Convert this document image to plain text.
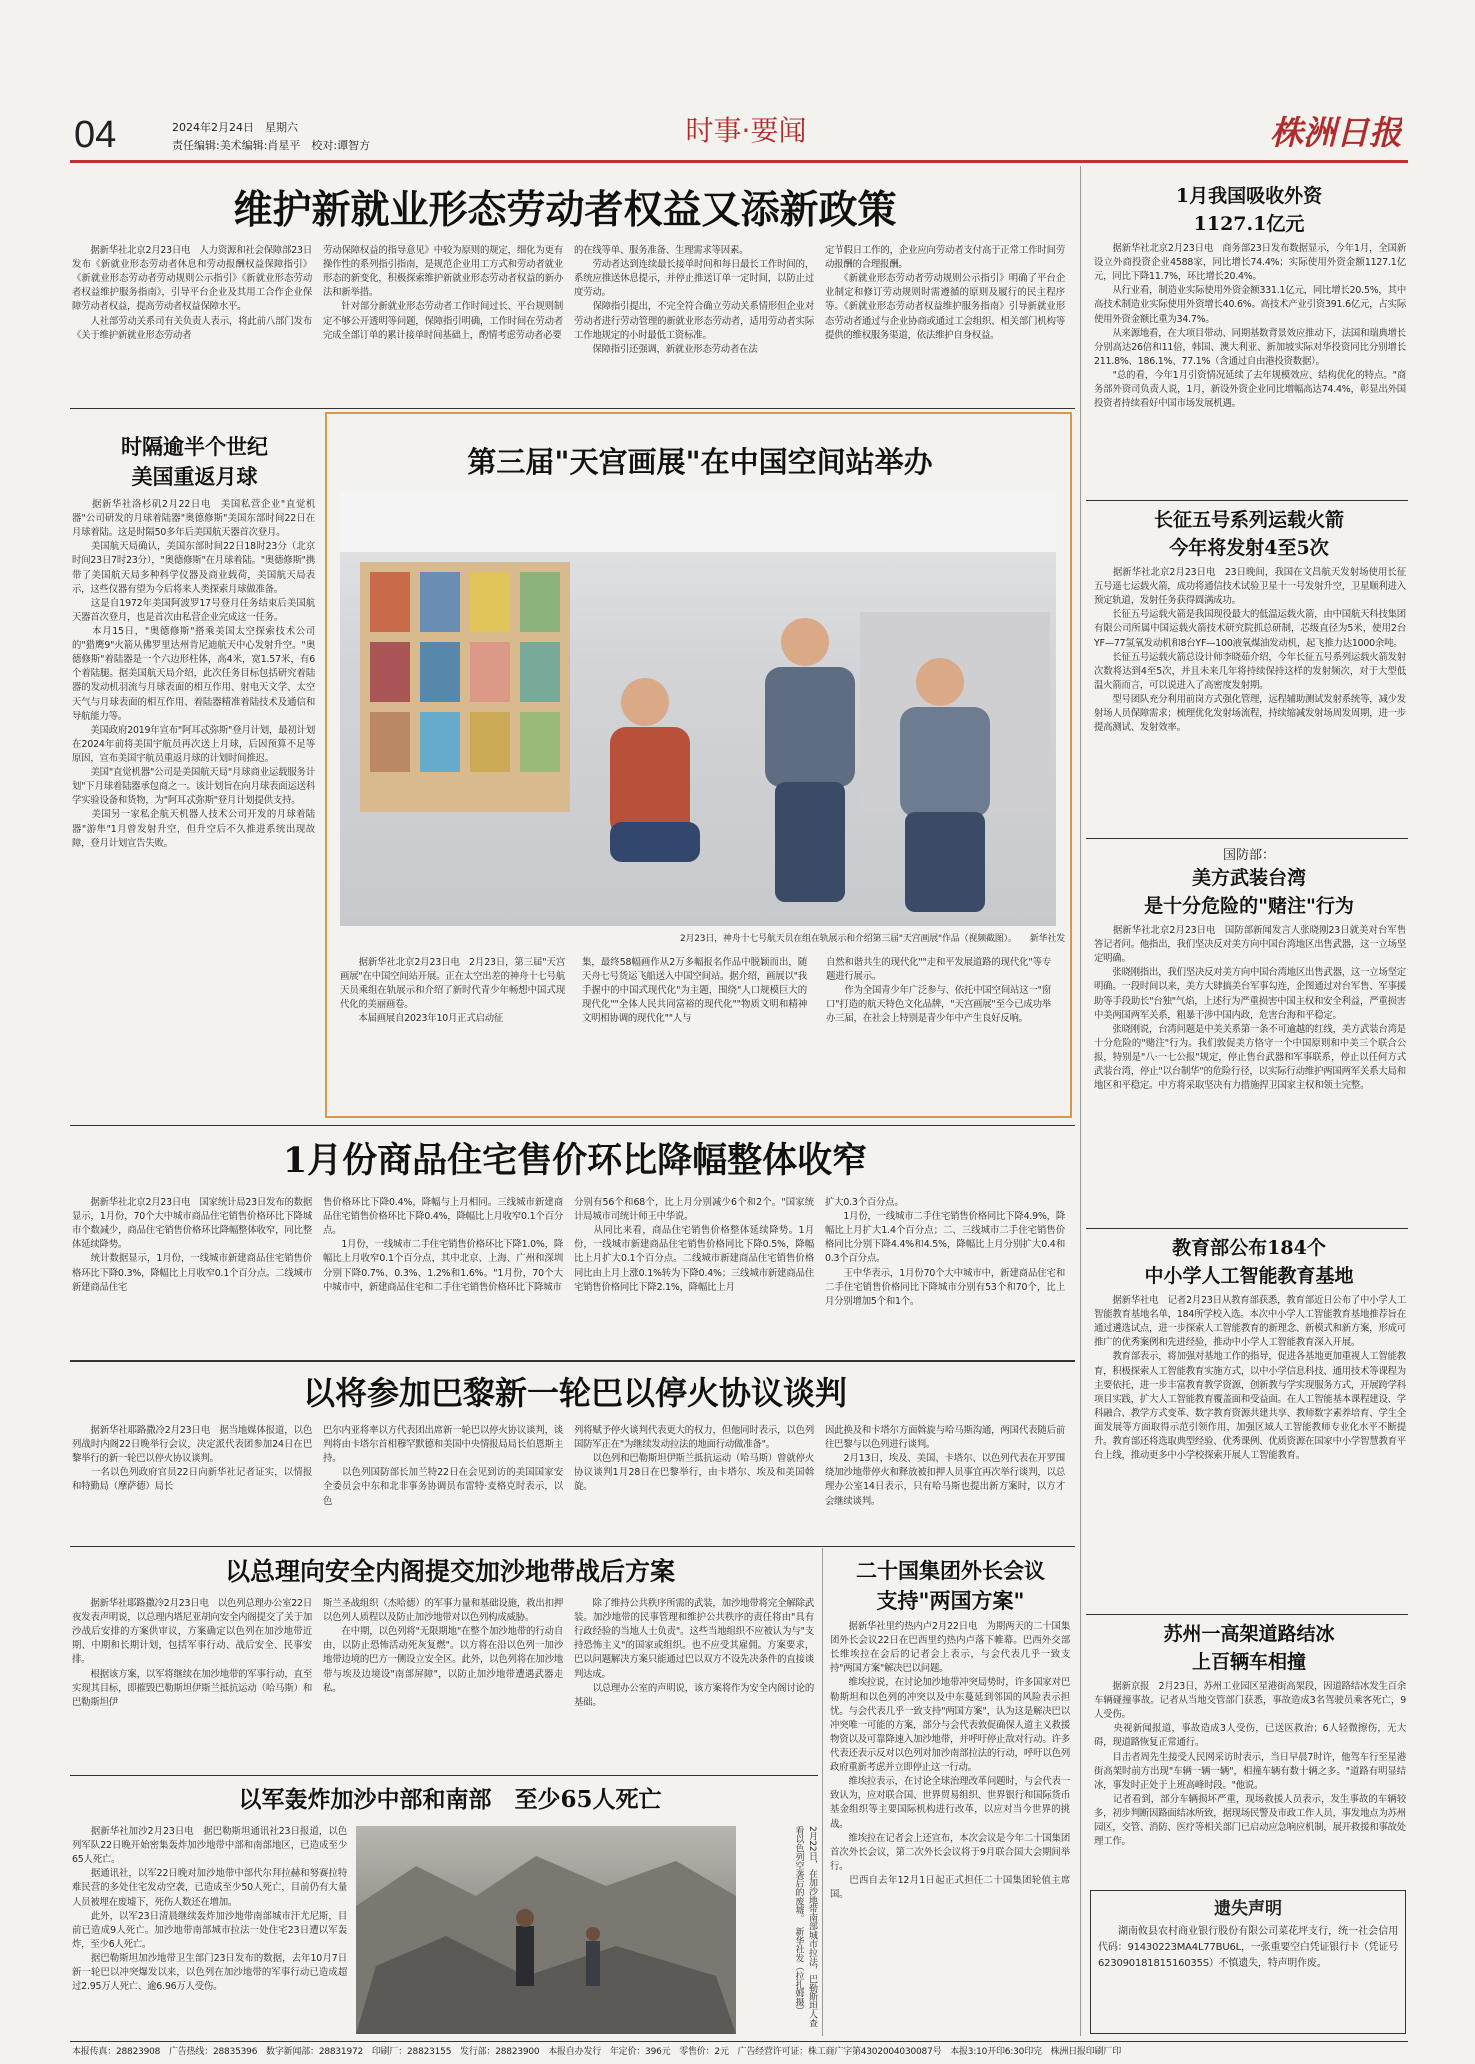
04	2024年2月24日　星期六
责任编辑:美术编辑:肖星平　校对:谭智方	时事·要闻	株洲日报
维护新就业形态劳动者权益又添新政策
　　据新华社北京2月23日电　人力资源和社会保障部23日发布《新就业形态劳动者休息和劳动报酬权益保障指引》《新就业形态劳动者劳动规则公示指引》《新就业形态劳动者权益维护服务指南》，引导平台企业及其用工合作企业保障劳动者权益，提高劳动者权益保障水平。
　　人社部劳动关系司有关负责人表示，将此前八部门发布《关于维护新就业形态劳动者
劳动保障权益的指导意见》中较为原则的规定，细化为更有操作性的系列指引指南，是规范企业用工方式和劳动者就业形态的新变化，积极探索维护新就业形态劳动者权益的新办法和新举措。
　　针对部分新就业形态劳动者工作时间过长、平台规则制定不够公开透明等问题，保障指引明确，工作时间在劳动者完成全部订单的累计接单时间基础上，酌情考虑劳动者必要
的在线等单、服务准备、生理需求等因素。
　　劳动者达到连续最长接单时间和每日最长工作时间的，系统应推送休息提示，并停止推送订单一定时间，以防止过度劳动。
　　保障指引提出，不完全符合确立劳动关系情形但企业对劳动者进行劳动管理的新就业形态劳动者，适用劳动者实际工作地规定的小时最低工资标准。
　　保障指引还强调，新就业形态劳动者在法
定节假日工作的，企业应向劳动者支付高于正常工作时间劳动报酬的合理报酬。
　　《新就业形态劳动者劳动规则公示指引》明确了平台企业制定和修订劳动规则时需遵循的原则及履行的民主程序等。《新就业形态劳动者权益维护服务指南》引导新就业形态劳动者通过与企业协商或通过工会组织、相关部门机构等提供的维权服务渠道，依法维护自身权益。
时隔逾半个世纪
美国重返月球
　　据新华社洛杉矶2月22日电　美国私营企业"直觉机器"公司研发的月球着陆器"奥德修斯"美国东部时间22日在月球着陆。这是时隔50多年后美国航天器首次登月。
　　美国航天局确认，美国东部时间22日18时23分（北京时间23日7时23分），"奥德修斯"在月球着陆。"奥德修斯"携带了美国航天局多种科学仪器及商业载荷，美国航天局表示，这些仪器有望为今后将来人类探索月球做准备。
　　这是自1972年美国阿波罗17号登月任务结束后美国航天器首次登月，也是首次由私营企业完成这一任务。
　　本月15日，"奥德修斯"搭乘美国太空探索技术公司的"猎鹰9"火箭从佛罗里达州肯尼迪航天中心发射升空。"奥德修斯"着陆器是一个六边形柱体，高4米，宽1.57米，有6个着陆腿。据美国航天局介绍，此次任务目标包括研究着陆器的发动机羽流与月球表面的相互作用、射电天文学、太空天气与月球表面的相互作用、着陆器精准着陆技术及通信和导航能力等。
　　美国政府2019年宣布"阿耳忒弥斯"登月计划，最初计划在2024年前将美国宇航员再次送上月球，后因预算不足等原因，宣布美国宇航员重返月球的计划时间推迟。
　　美国"直觉机器"公司是美国航天局"月球商业运载服务计划"下月球着陆器承包商之一。该计划旨在向月球表面运送科学实验设备和货物，为"阿耳忒弥斯"登月计划提供支持。
　　美国另一家私企航天机器人技术公司开发的月球着陆器"游隼"1月曾发射升空，但升空后不久推进系统出现故障，登月计划宣告失败。
第三届"天宫画展"在中国空间站举办
2月23日，神舟十七号航天员在组在轨展示和介绍第三届"天宫画展"作品（视频截图）。　　新华社发
　　据新华社北京2月23日电　2月23日，第三届"天宫画展"在中国空间站开展。正在太空出差的神舟十七号航天员乘组在轨展示和介绍了新时代青少年畅想中国式现代化的美丽画卷。
　　本届画展自2023年10月正式启动征
集，最终58幅画作从2万多幅报名作品中脱颖而出，随天舟七号货运飞船送入中国空间站。据介绍，画展以"我手握中的中国式现代化"为主题，围绕"人口规模巨大的现代化""全体人民共同富裕的现代化""物质文明和精神文明相协调的现代化""人与
自然和谐共生的现代化""走和平发展道路的现代化"等专题进行展示。
　　作为全国青少年广泛参与、依托中国空间站这一"窗口"打造的航天特色文化品牌，"天宫画展"至今已成功举办三届，在社会上特别是青少年中产生良好反响。
1月份商品住宅售价环比降幅整体收窄
　　据新华社北京2月23日电　国家统计局23日发布的数据显示，1月份，70个大中城市商品住宅销售价格环比下降城市个数减少，商品住宅销售价格环比降幅整体收窄，同比整体延续降势。
　　统计数据显示，1月份，一线城市新建商品住宅销售价格环比下降0.3%，降幅比上月收窄0.1个百分点。二线城市新建商品住宅
售价格环比下降0.4%，降幅与上月相同。三线城市新建商品住宅销售价格环比下降0.4%，降幅比上月收窄0.1个百分点。
　　1月份，一线城市二手住宅销售价格环比下降1.0%，降幅比上月收窄0.1个百分点，其中北京、上海、广州和深圳分别下降0.7%、0.3%、1.2%和1.6%。"1月份，70个大中城市中，新建商品住宅和二手住宅销售价格环比下降城市
分别有56个和68个，比上月分别减少6个和2个。"国家统计局城市司统计师王中华说。
　　从同比来看，商品住宅销售价格整体延续降势。1月份，一线城市新建商品住宅销售价格同比下降0.5%，降幅比上月扩大0.1个百分点。二线城市新建商品住宅销售价格同比由上月上涨0.1%转为下降0.4%；三线城市新建商品住宅销售价格同比下降2.1%，降幅比上月
扩大0.3个百分点。
　　1月份，一线城市二手住宅销售价格同比下降4.9%，降幅比上月扩大1.4个百分点；二、三线城市二手住宅销售价格同比分别下降4.4%和4.5%，降幅比上月分别扩大0.4和0.3个百分点。
　　王中华表示，1月份70个大中城市中，新建商品住宅和二手住宅销售价格同比下降城市分别有53个和70个，比上月分别增加5个和1个。
以将参加巴黎新一轮巴以停火协议谈判
　　据新华社耶路撒冷2月23日电　据当地媒体报道，以色列战时内阁22日晚举行会议，决定派代表团参加24日在巴黎举行的新一轮巴以停火协议谈判。
　　一名以色列政府官员22日向新华社记者证实，以情报和特勤局（摩萨德）局长
巴尔内亚将率以方代表团出席新一轮巴以停火协议谈判，谈判将由卡塔尔首相穆罕默德和美国中央情报局局长伯恩斯主持。
　　以色列国防部长加兰特22日在会见到访的美国国家安全委员会中东和北非事务协调员布雷特·麦格克时表示，以色
列将赋予停火谈判代表更大的权力，但他同时表示，以色列国防军正在"为继续发动拉法的地面行动做准备"。
　　以色列和巴勒斯坦伊斯兰抵抗运动（哈马斯）曾就停火协议谈判1月28日在巴黎举行，由卡塔尔、埃及和美国斡旋。
因此换及和卡塔尔方面斡旋与哈马斯沟通，两国代表随后前往巴黎与以色列进行谈判。
　　2月13日，埃及、美国、卡塔尔、以色列代表在开罗围绕加沙地带停火和释放被扣押人员事宜再次举行谈判，以总理办公室14日表示，只有哈马斯也提出新方案时，以方才会继续谈判。
以总理向安全内阁提交加沙地带战后方案
　　据新华社耶路撒冷2月23日电　以色列总理办公室22日夜发表声明说，以总理内塔尼亚胡向安全内阁提交了关于加沙战后安排的方案供审议，方案确定以色列在加沙地带近期、中期和长期计划，包括军事行动、战后安全、民事安排。
　　根据该方案，以军将继续在加沙地带的军事行动，直至实现其目标，即摧毁巴勒斯坦伊斯兰抵抗运动（哈马斯）和巴勒斯坦伊
斯兰圣战组织（杰哈德）的军事力量和基础设施，救出扣押以色列人质程以及防止加沙地带对以色列构成威胁。
　　在中期，以色列将"无限期地"在整个加沙地带的行动自由，以防止恐怖活动死灰复燃"。以方将在沿以色列一加沙地带边境的巴方一侧设立安全区。此外，以色列将在加沙地带与埃及边境设"南部屏障"，以防止加沙地带遭遇武器走私。
　　除了维持公共秩序所需的武装，加沙地带将完全解除武装。加沙地带的民事管理和维护公共秩序的责任将由"具有行政经验的当地人士负责"。这些当地组织不应被认为与"支持恐怖主义"的国家或组织。也不应受其雇佣。方案要求，巴以问题解决方案只能通过巴以双方不设先决条件的直接谈判达成。
　　以总理办公室的声明说，该方案将作为安全内阁讨论的基础。
以军轰炸加沙中部和南部　至少65人死亡
　　据新华社加沙2月23日电　据巴勒斯坦通讯社23日报道，以色列军队22日晚开始密集轰炸加沙地带中部和南部地区，已造成至少65人死亡。
　　据通讯社，以军22日晚对加沙地带中部代尔拜拉赫和努赛拉特难民营的多处住宅发动空袭，已造成至少50人死亡，目前仍有大量人员被埋在废墟下，死伤人数还在增加。
　　此外，以军23日清晨继续轰炸加沙地带南部城市汗尤尼斯，目前已造成9人死亡。加沙地带南部城市拉法一处住宅23日遭以军轰炸，至少6人死亡。
　　据巴勒斯坦加沙地带卫生部门23日发布的数据，去年10月7日新一轮巴以冲突爆发以来，以色列在加沙地带的军事行动已造成超过2.95万人死亡、逾6.96万人受伤。	2月22日，在加沙地带南部城市拉法，巴勒斯坦人查看以色列空袭后的废墟。　新华社发（拉扎姆摄）
二十国集团外长会议
支持"两国方案"
　　据新华社里约热内卢2月22日电　为期两天的二十国集团外长会议22日在巴西里约热内卢落下帷幕。巴西外交部长维埃拉在会后的记者会上表示，与会代表几乎一致支持"两国方案"解决巴以问题。
　　维埃拉说，在讨论加沙地带冲突局势时，许多国家对巴勒斯坦和以色列的冲突以及中东蔓延到邻国的风险表示担忧。与会代表几乎一致支持"两国方案"，认为这是解决巴以冲突唯一可能的方案，部分与会代表敦促确保人道主义救援物资以及可靠降速入加沙地带，并呼吁停止敌对行动。许多代表还表示反对以色列对加沙南部拉法的行动，呼吁以色列政府重新考虑并立即停止这一行动。
　　维埃拉表示，在讨论全球治理改革问题时，与会代表一致认为，应对联合国、世界贸易组织、世界银行和国际货币基金组织等主要国际机构进行改革，以应对当今世界的挑战。
　　维埃拉在记者会上还宣布，本次会议是今年二十国集团首次外长会议，第二次外长会议将于9月联合国大会期间举行。
　　巴西自去年12月1日起正式担任二十国集团轮值主席国。
1月我国吸收外资
1127.1亿元
　　据新华社北京2月23日电　商务部23日发布数据显示，今年1月，全国新设立外商投资企业4588家，同比增长74.4%；实际使用外资金额1127.1亿元，同比下降11.7%，环比增长20.4%。
　　从行业看，制造业实际使用外资金额331.1亿元，同比增长20.5%，其中高技术制造业实际使用外资增长40.6%。高技术产业引资391.6亿元，占实际使用外资金额比重为34.7%。
　　从来源地看，在大项目带动、同期基数背景效应推动下，法国和瑞典增长分别高达26倍和11倍，韩国、澳大利亚、新加坡实际对华投资同比分别增长211.8%、186.1%、77.1%（含通过自由港投资数据）。
　　"总的看，今年1月引资情况延续了去年规模效应、结构优化的特点。"商务部外资司负责人说，1月，新设外资企业同比增幅高达74.4%，彰显出外国投资者持续看好中国市场发展机遇。
长征五号系列运载火箭
今年将发射4至5次
　　据新华社北京2月23日电　23日晚间，我国在文昌航天发射场使用长征五号遥七运载火箭，成功将通信技术试验卫星十一号发射升空，卫星顺利进入预定轨道，发射任务获得圆满成功。
　　长征五号运载火箭是我国现役最大的低温运载火箭，由中国航天科技集团有限公司所属中国运载火箭技术研究院抓总研制，芯级直径为5米，使用2台YF—77氢氧发动机和8台YF—100液氧煤油发动机，起飞推力达1000余吨。
　　长征五号运载火箭总设计师李晓茹介绍，今年长征五号系列运载火箭发射次数将达到4至5次，并且未来几年将持续保持这样的发射频次，对于大型低温火箭而言，可以说进入了高密度发射期。
　　型号团队充分利用前岗方式强化管理，远程辅助测试发射系统等，减少发射场人员保障需求；梳理优化发射场流程，持续缩减发射场周发周期，进一步提高测试、发射效率。
国防部：
美方武装台湾
是十分危险的"赌注"行为
　　据新华社北京2月23日电　国防部新闻发言人张晓刚23日就美对台军售答记者问。他指出，我们坚决反对美方向中国台湾地区出售武器，这一立场坚定明确。
　　张晓刚指出，我们坚决反对美方向中国台湾地区出售武器，这一立场坚定明确。一段时间以来，美方大肆搞美台军事勾连，企图通过对台军售、军事援助等手段助长"台独"气焰，上述行为严重损害中国主权和安全利益，严重损害中美两国两军关系，粗暴干涉中国内政，危害台海和平稳定。
　　张晓刚说，台湾问题是中美关系第一条不可逾越的红线，美方武装台湾是十分危险的"赌注"行为。我们敦促美方恪守一个中国原则和中美三个联合公报，特别是"八·一七公报"规定，停止售台武器和军事联系，停止以任何方式武装台湾，停止"以台制华"的危险行径，以实际行动维护两国两军关系大局和地区和平稳定。中方将采取坚决有力措施捍卫国家主权和领土完整。
教育部公布184个
中小学人工智能教育基地
　　据新华社电　记者2月23日从教育部获悉，教育部近日公布了中小学人工智能教育基地名单，184所学校入选。本次中小学人工智能教育基地推荐旨在通过遴选试点，进一步探索人工智能教育的新理念、新模式和新方案，形成可推广的优秀案例和先进经验，推动中小学人工智能教育深入开展。
　　教育部表示，将加强对基地工作的指导，促进各基地更加重视人工智能教育，积极探索人工智能教育实施方式，以中小学信息科技、通用技术等课程为主要依托，进一步丰富教育教学资源，创新教与学实现服务方式，开展跨学科项目实践，扩大人工智能教育覆盖面和受益面。在人工智能基本课程建设、学科融合、教学方式变革、数字教育资源共建共享、教师数字素养培育、学生全面发展等方面取得示范引领作用，加强区域人工智能教师专业化水平不断提升。教育部还将选取典型经验、优秀课例、优质资源在国家中小学智慧教育平台上线，推动更多中小学校探索开展人工智能教育。
苏州一高架道路结冰
上百辆车相撞
　　据新京报　2月23日，苏州工业园区星港街高架段，因道路结冰发生百余车辆碰撞事故。记者从当地交管部门获悉，事故造成3名驾驶员乘客死亡，9人受伤。
　　央视新闻报道，事故造成3人受伤，已送医救治；6人轻微擦伤，无大碍，现道路恢复正常通行。
　　目击者周先生接受人民网采访时表示，当日早晨7时许，他驾车行至星港街高架时前方出现"车辆一辆一辆"，相撞车辆有数十辆之多。"道路有明显结冰，事发时正处于上班高峰时段。"他说。
　　记者看到，部分车辆损坏严重，现场救援人员表示，发生事故的车辆较多，初步判断因路面结冰所致，据现场民警及市政工作人员，事发地点为苏州园区，交管、消防、医疗等相关部门已启动应急响应机制，展开救援和事故处理工作。
遗失声明
　　湖南攸县农村商业银行股份有限公司菜花坪支行，统一社会信用代码：91430223MA4L77BU6L，一张重要空白凭证银行卡（凭证号62309018181516035S）不慎遗失，特声明作废。
本报传真：28823908　广告热线：28835396　数字新闻部：28831972　印刷厂：28823155　发行部：28823900　本报自办发行　年定价：396元　零售价：2元　广告经营许可证：株工商广字第4302004030087号　本报3:10开印6:30印完　株洲日报印刷厂印
